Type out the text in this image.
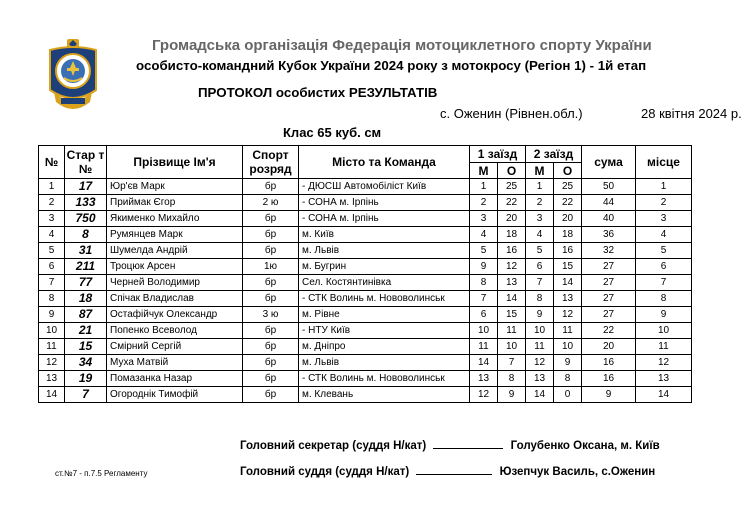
Громадська організація Федерація мотоциклетного спорту України
особисто-командний Кубок України 2024 року з мотокросу (Регіон 1) - 1й етап
ПРОТОКОЛ особистих РЕЗУЛЬТАТІВ
с. Оженин (Рівнен.обл.)	28 квітня 2024 р.
Клас 65 куб. см
№	Стар т №	Прізвище Ім'я	Спорт розряд	Місто та Команда	1 заїзд		2 заїзд		сума	місце
					М	О	М	О		
1	17	Юр'єв Марк	бр	- ДЮСШ Автомобіліст Київ	1	25	1	25	50	1
2	133	Приймак Єгор	2 ю	- СОНА м. Ірпінь	2	22	2	22	44	2
3	750	Якименко Михайло	бр	- СОНА м. Ірпінь	3	20	3	20	40	3
4	8	Румянцев Марк	бр	м. Київ	4	18	4	18	36	4
5	31	Шумелда Андрій	бр	м. Львів	5	16	5	16	32	5
6	211	Троцюк Арсен	1ю	м. Бугрин	9	12	6	15	27	6
7	77	Черней Володимир	бр	Сел. Костянтинівка	8	13	7	14	27	7
8	18	Спічак Владислав	бр	- СТК Волинь м. Нововолинськ	7	14	8	13	27	8
9	87	Остафійчук Олександр	3 ю	м. Рівне	6	15	9	12	27	9
10	21	Попенко Всеволод	бр	- НТУ Київ	10	11	10	11	22	10
11	15	Смірний Сергій	бр	м. Дніпро	11	10	11	10	20	11
12	34	Муха Матвій	бр	м. Львів	14	7	12	9	16	12
13	19	Помазанка Назар	бр	- СТК Волинь м. Нововолинськ	13	8	13	8	16	13
14	7	Огороднік Тимофій	бр	м. Клевань	12	9	14	0	9	14
Головний секретар (суддя Н/кат)	Голубенко Оксана, м. Київ
Головний суддя (суддя Н/кат)	Юзепчук Василь, с.Оженин
ст.№7 - п.7.5 Регламенту
